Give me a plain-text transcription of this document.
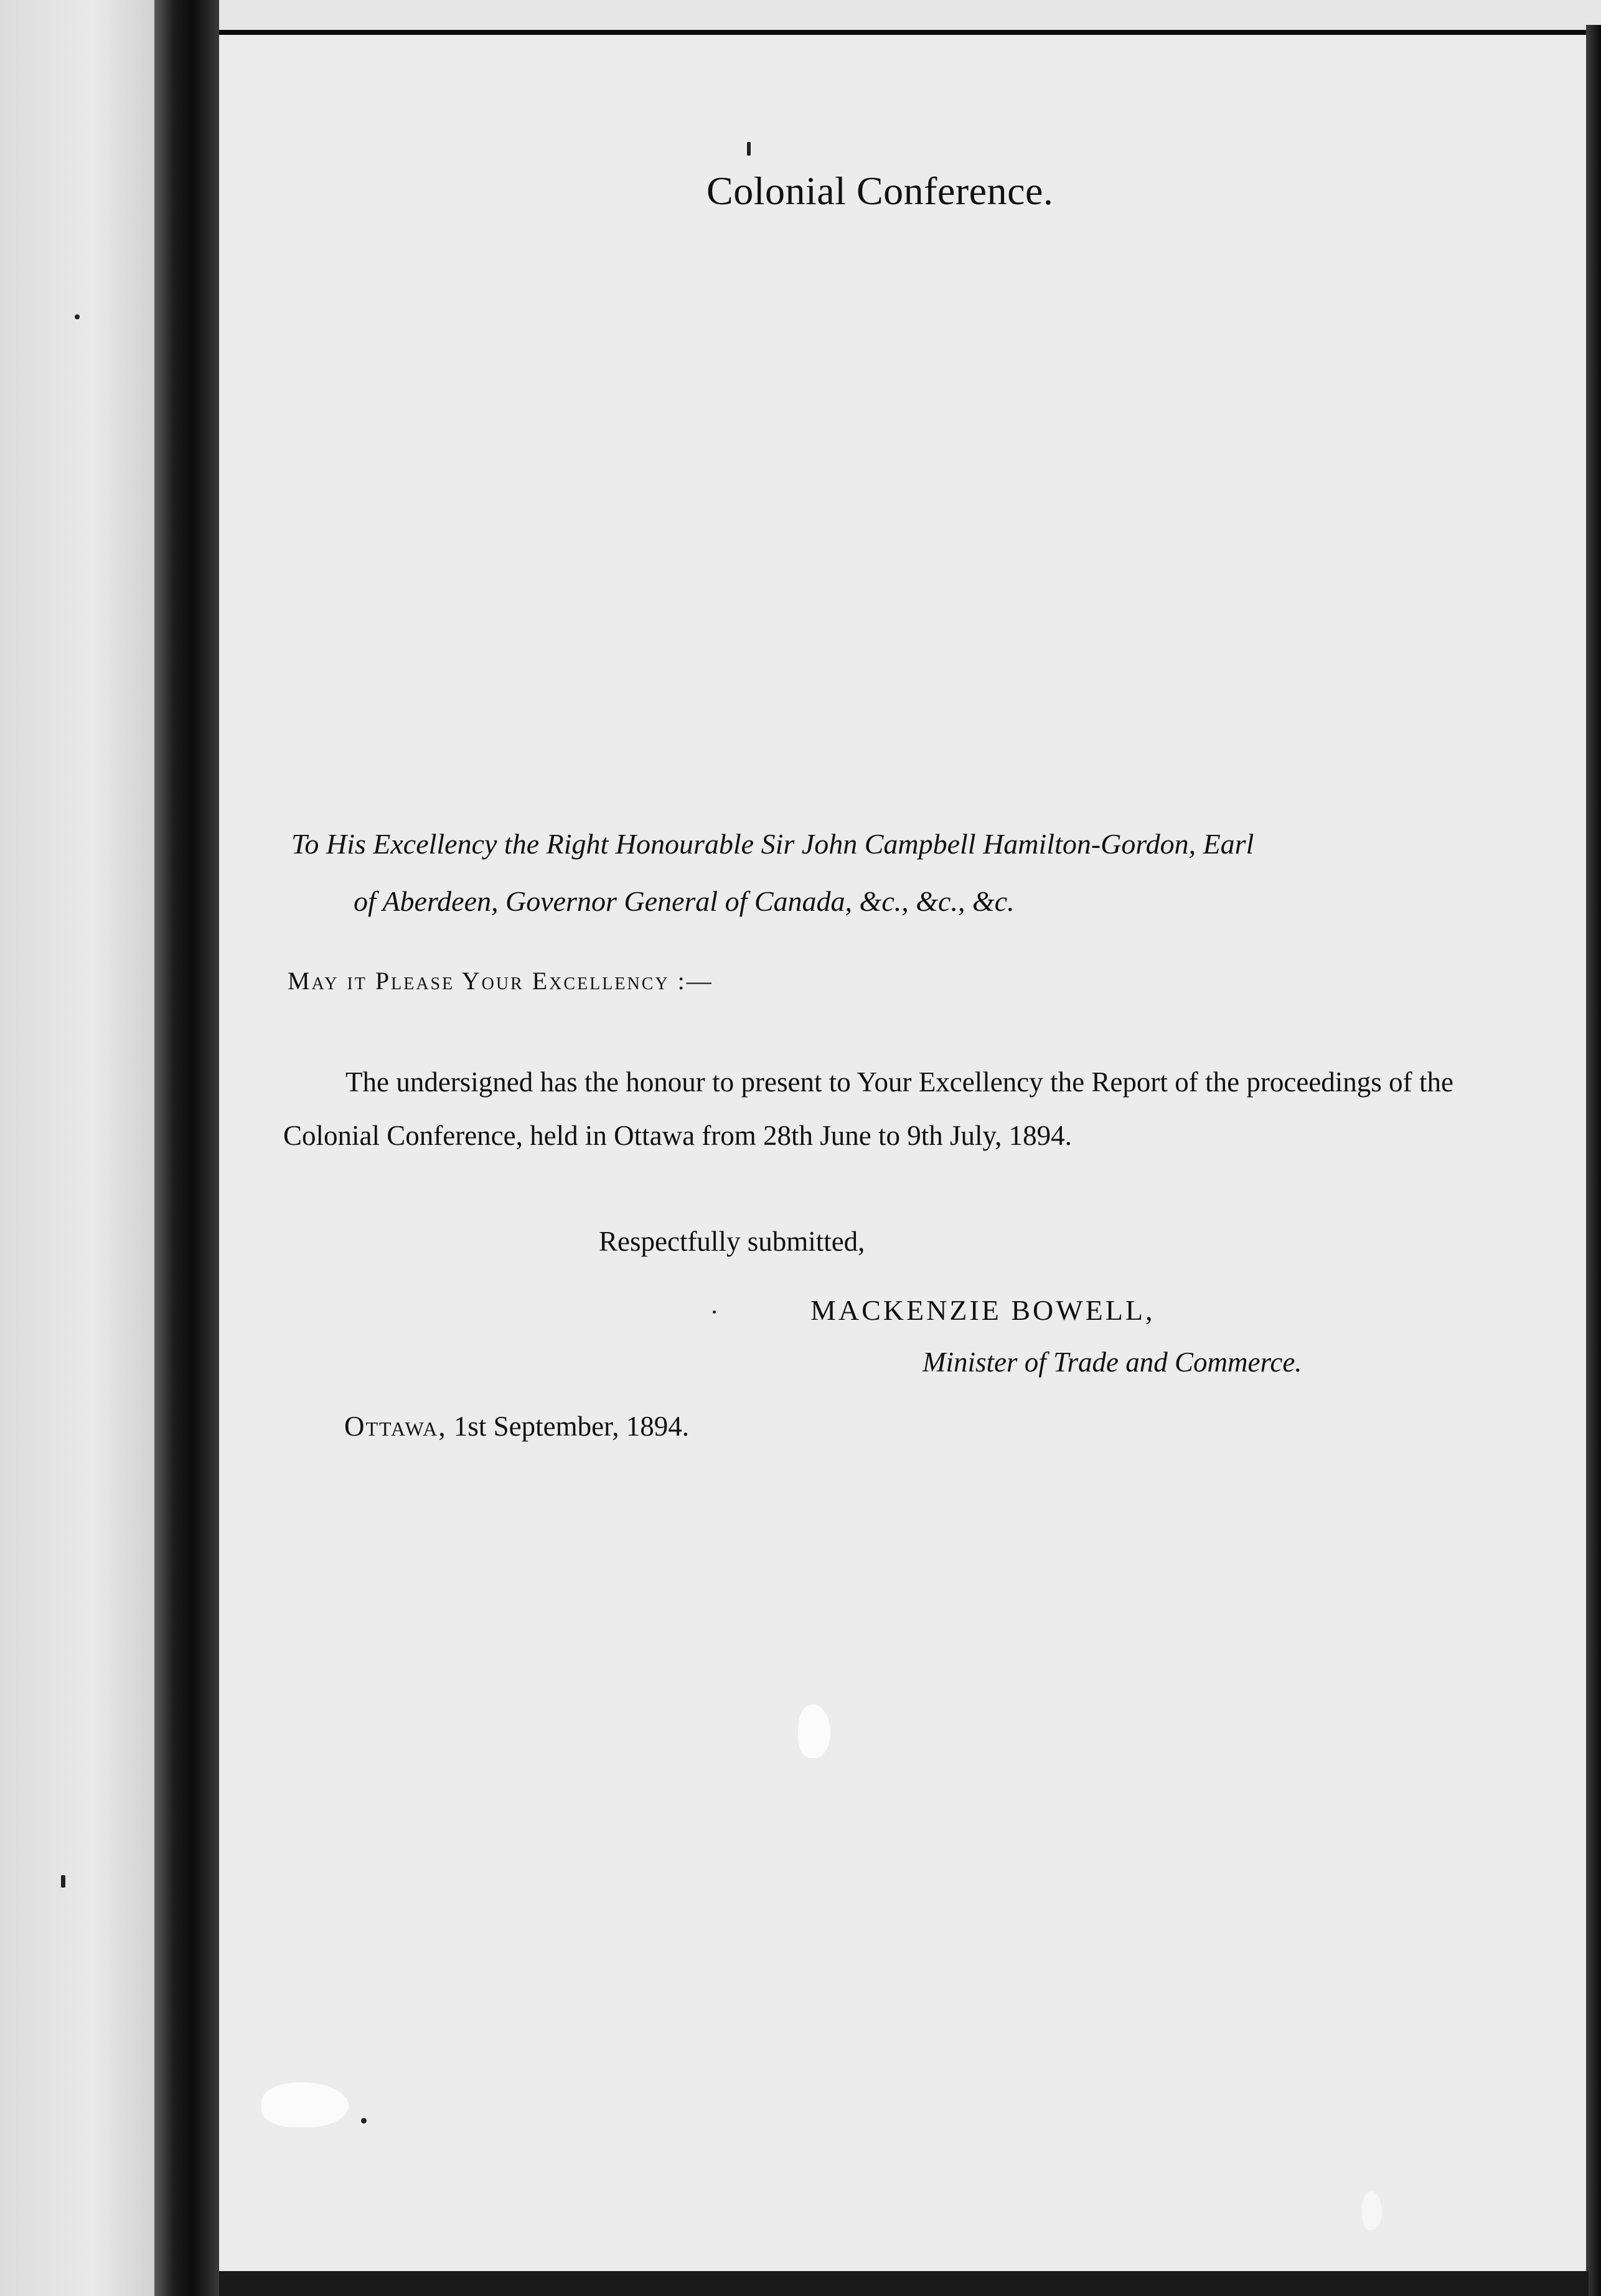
Colonial Conference.
To His Excellency the Right Honourable Sir John Campbell Hamilton-Gordon, Earl
of Aberdeen, Governor General of Canada, &c., &c., &c.
May it Please Your Excellency :—

The undersigned has the honour to present to Your Excellency the Report of the proceedings of the Colonial Conference, held in Ottawa from 28th June to 9th July, 1894.

Respectfully submitted,
MACKENZIE BOWELL,
Minister of Trade and Commerce.
Ottawa, 1st September, 1894.
